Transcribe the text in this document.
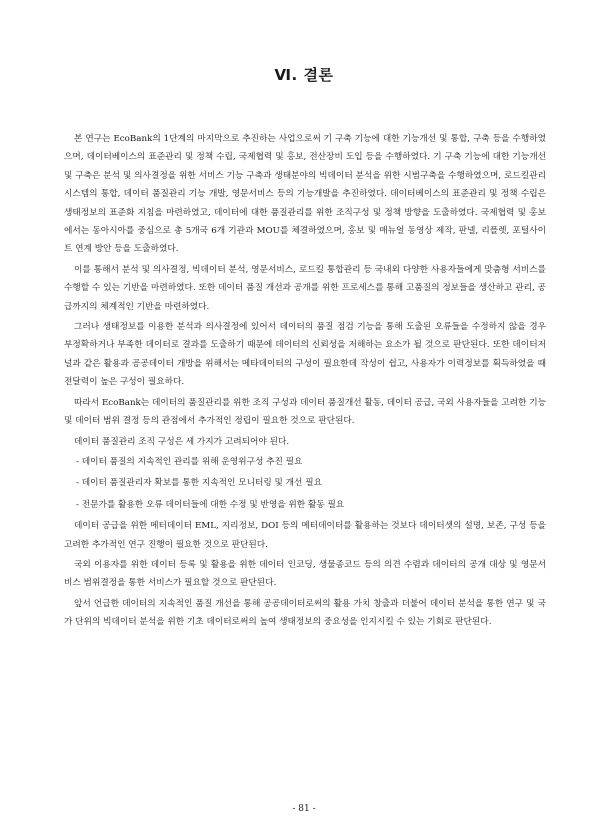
Ⅵ. 결론

본 연구는 EcoBank의 1단계의 마지막으로 추진하는 사업으로써 기 구축 기능에 대한 기능개선 및 통합, 구축 등을 수행하였으며, 데이터베이스의 표준관리 및 정책 수립, 국제협력 및 홍보, 전산장비 도입 등을 수행하였다. 기 구축 기능에 대한 기능개선 및 구축은 분석 및 의사결정을 위한 서비스 기능 구축과 생태분야의 빅데이터 분석을 위한 시범구축을 수행하였으며, 로드킬관리시스템의 통합, 데이터 품질관리 기능 개발, 영문서비스 등의 기능개발을 추진하였다. 데이터베이스의 표준관리 및 정책 수립은 생태정보의 표준화 지침을 마련하였고, 데이터에 대한 품질관리를 위한 조직구성 및 정책 방향을 도출하였다. 국제협력 및 홍보에서는 동아시아를 중심으로 총 5개국 6개 기관과 MOU를 체결하였으며, 홍보 및 매뉴얼 동영상 제작, 판넬, 리플렛, 포털사이트 연계 방안 등을 도출하였다.

이를 통해서 분석 및 의사결정, 빅데이터 분석, 영문서비스, 로드킬 통합관리 등 국내외 다양한 사용자들에게 맞춤형 서비스를 수행할 수 있는 기반을 마련하였다. 또한 데이터 품질 개선과 공개를 위한 프로세스를 통해 고품질의 정보들을 생산하고 관리, 공급까지의 체계적인 기반을 마련하였다.

그러나 생태정보를 이용한 분석과 의사결정에 있어서 데이터의 품질 점검 기능을 통해 도출된 오류들을 수정하지 않을 경우 부정확하거나 부족한 데이터로 결과를 도출하기 때문에 데이터의 신뢰성을 저해하는 요소가 될 것으로 판단된다. 또한 데이터저널과 같은 활용과 공공데이터 개방을 위해서는 메타데이터의 구성이 필요한데 작성이 쉽고, 사용자가 이력정보를 획득하였을 때 전달력이 높은 구성이 필요하다.

따라서 EcoBank는 데이터의 품질관리를 위한 조직 구성과 데이터 품질개선 활동, 데이터 공급, 국외 사용자들을 고려한 기능 및 데이터 범위 결정 등의 관점에서 추가적인 정립이 필요한 것으로 판단된다.

데이터 품질관리 조직 구성은 세 가지가 고려되어야 된다.

- 데이터 품질의 지속적인 관리를 위해 운영위구성 추진 필요

- 데이터 품질관리자 확보를 통한 지속적인 모니터링 및 개선 필요

- 전문가를 활용한 오류 데이터들에 대한 수정 및 반영을 위한 활동 필요

데이터 공급을 위한 메터데이터 EML, 지리정보, DOI 등의 메터데이터를 활용하는 것보다 데이터셋의 설명, 보존, 구성 등을 고려한 추가적인 연구 진행이 필요한 것으로 판단된다.

국외 이용자를 위한 데이터 등록 및 활용을 위한 데이터 인코딩, 생물종코드 등의 의견 수렴과 데이터의 공개 대상 및 영문서비스 범위결정을 통한 서비스가 필요할 것으로 판단된다.

앞서 언급한 데이터의 지속적인 품질 개선을 통해 공공데이터로써의 활용 가치 창출과 더불어 데이터 분석을 통한 연구 및 국가 단위의 빅데이터 분석을 위한 기초 데이터로써의 높여 생태정보의 중요성을 인지시킬 수 있는 기회로 판단된다.

- 81 -
